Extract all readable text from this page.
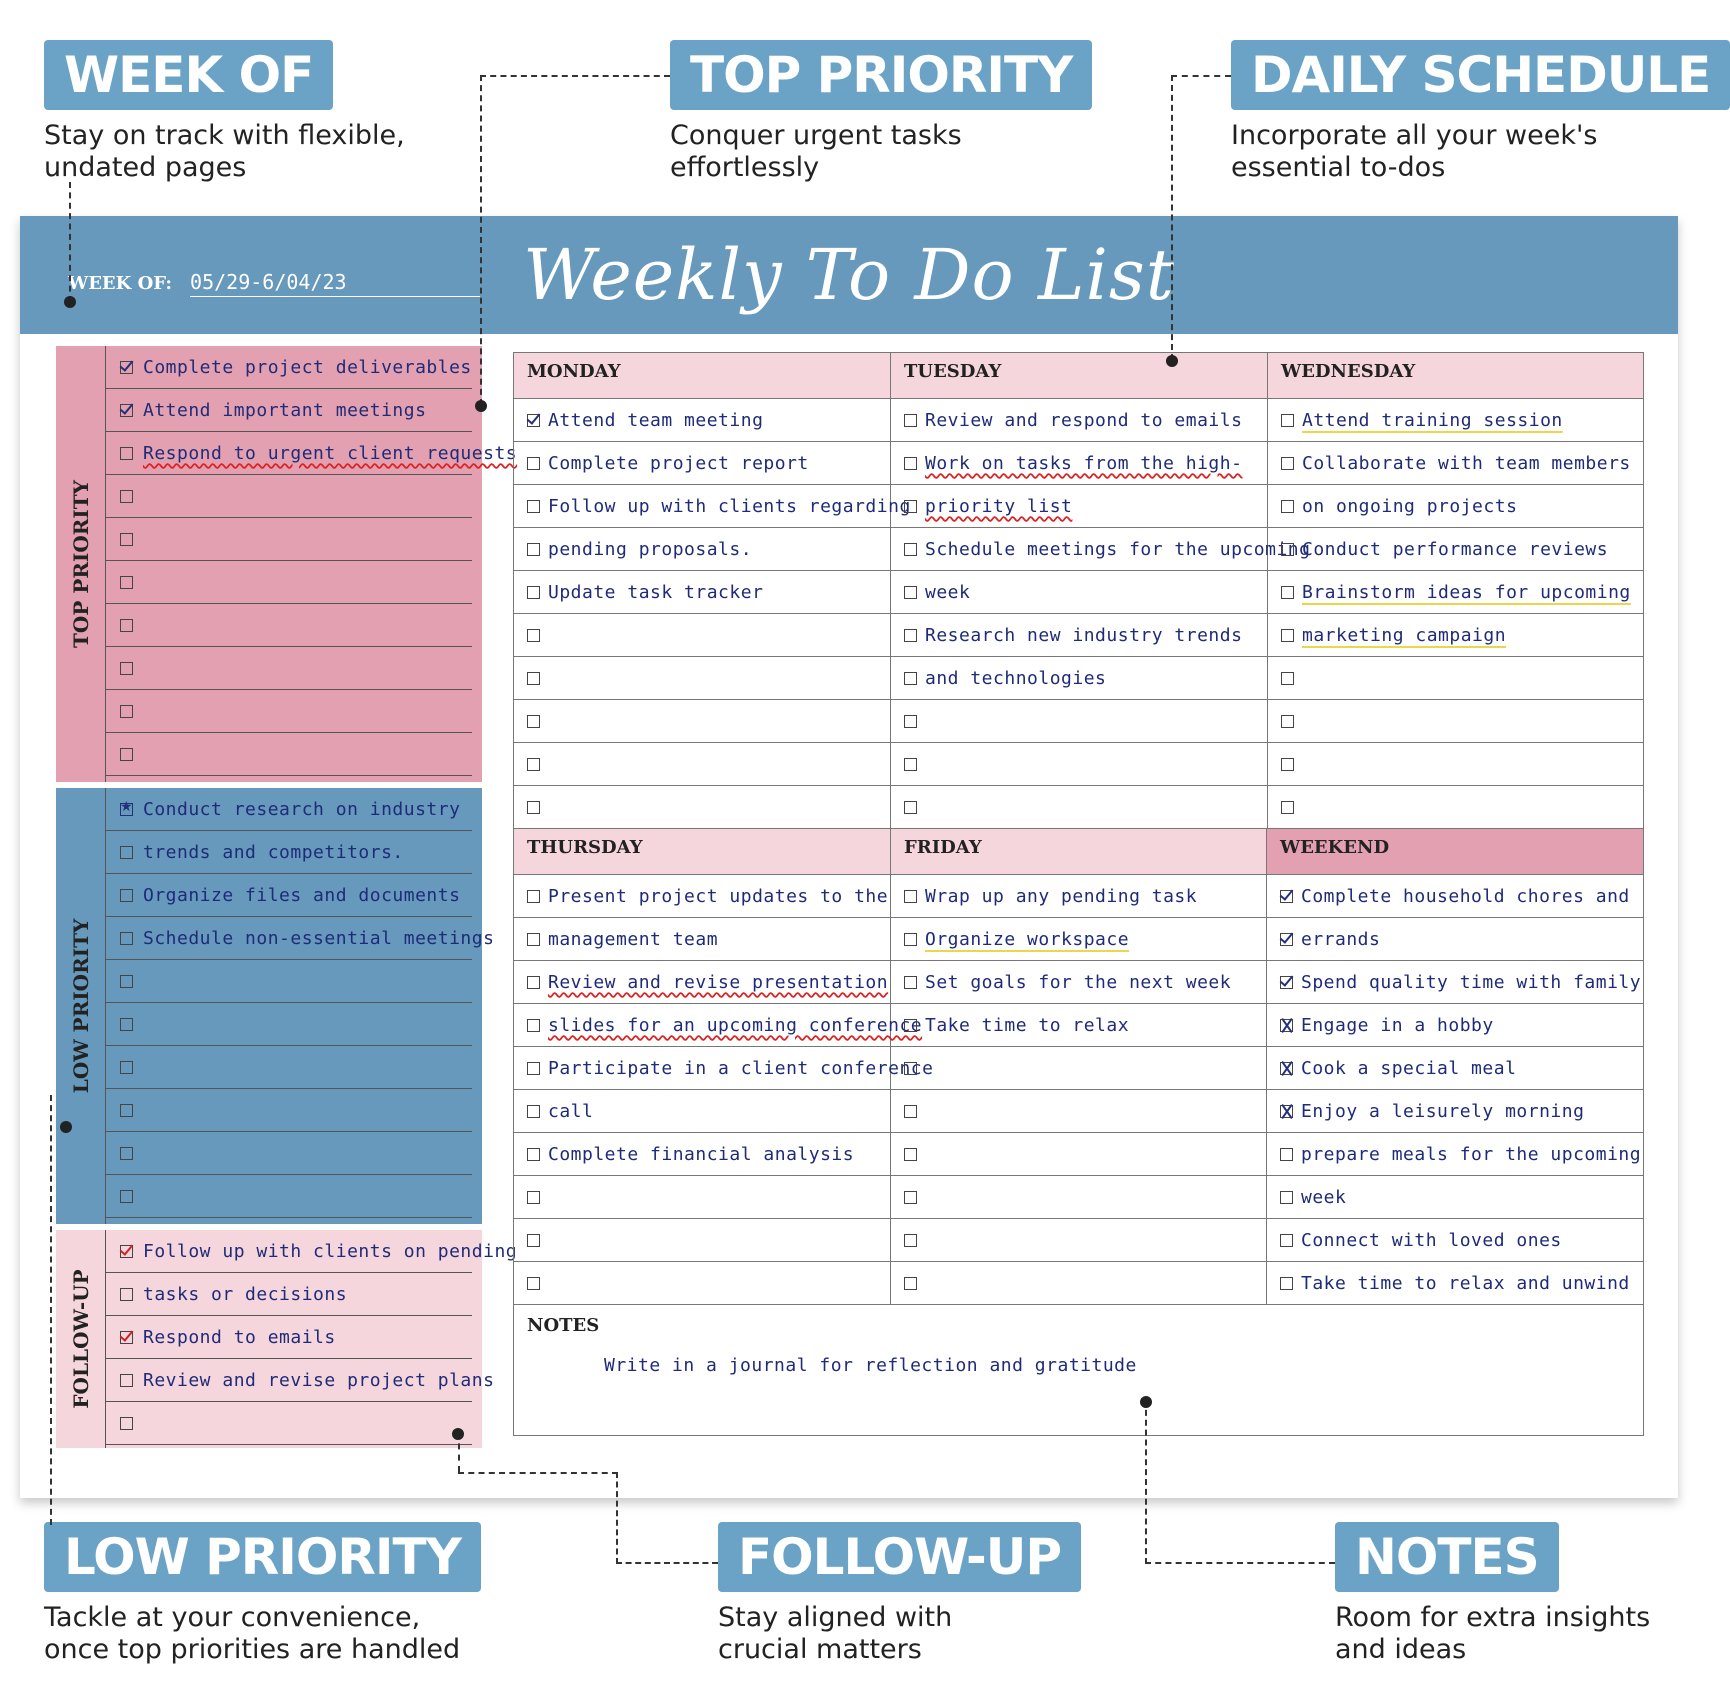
WEEK OF
Stay on track with flexible,
undated pages
TOP PRIORITY
Conquer urgent tasks
effortlessly
DAILY SCHEDULE
Incorporate all your week's
essential to-dos
LOW PRIORITY
Tackle at your convenience,
once top priorities are handled
FOLLOW-UP
Stay aligned with
crucial matters
NOTES
Room for extra insights
and ideas
Weekly To Do List
WEEK OF: 05/29-6/04/23
TOP PRIORITY
Complete project deliverables
Attend important meetings
Respond to urgent client requests
LOW PRIORITY
★
Conduct research on industry
trends and competitors.
Organize files and documents
Schedule non-essential meetings
FOLLOW-UP
Follow up with clients on pending
tasks or decisions
Respond to emails
Review and revise project plans
MONDAY
Attend team meeting
Complete project report
Follow up with clients regarding
pending proposals.
Update task tracker
TUESDAY
Review and respond to emails
Work on tasks from the high-
priority list
Schedule meetings for the upcoming
week
Research new industry trends
and technologies
WEDNESDAY
Attend training session
Collaborate with team members
on ongoing projects
Conduct performance reviews
Brainstorm ideas for upcoming
marketing campaign
THURSDAY
Present project updates to the
management team
Review and revise presentation
slides for an upcoming conference
Participate in a client conference
call
Complete financial analysis
FRIDAY
Wrap up any pending task
Organize workspace
Set goals for the next week
Take time to relax
WEEKEND
Complete household chores and
errands
Spend quality time with family
Engage in a hobby
Cook a special meal
Enjoy a leisurely morning
prepare meals for the upcoming
week
Connect with loved ones
Take time to relax and unwind
NOTES
Write in a journal for reflection and gratitude
